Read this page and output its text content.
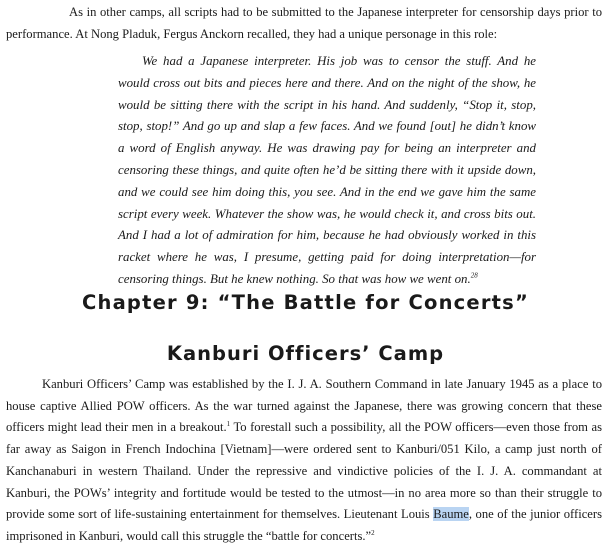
As in other camps, all scripts had to be submitted to the Japanese interpreter for censorship days prior to performance. At Nong Pladuk, Fergus Anckorn recalled, they had a unique personage in this role:

We had a Japanese interpreter. His job was to censor the stuff. And he would cross out bits and pieces here and there. And on the night of the show, he would be sitting there with the script in his hand. And suddenly, “Stop it, stop, stop, stop!” And go up and slap a few faces. And we found [out] he didn’t know a word of English anyway. He was drawing pay for being an interpreter and censoring these things, and quite often he’d be sitting there with it upside down, and we could see him doing this, you see. And in the end we gave him the same script every week. Whatever the show was, he would check it, and cross bits out. And I had a lot of admiration for him, because he had obviously worked in this racket where he was, I presume, getting paid for doing interpretation—for censoring things. But he knew nothing. So that was how we went on.$^{28}$

Chapter 9: “The Battle for Concerts”
Kanburi Officers’ Camp

Kanburi Officers’ Camp was established by the I. J. A. Southern Command in late January 1945 as a place to house captive Allied POW officers. As the war turned against the Japanese, there was growing concern that these officers might lead their men in a breakout.$^1$ To forestall such a possibility, all the POW officers—even those from as far away as Saigon in French Indochina [Vietnam]—were ordered sent to Kanburi/051 Kilo, a camp just north of Kanchanaburi in western Thailand. Under the repressive and vindictive policies of the I. J. A. commandant at Kanburi, the POWs’ integrity and fortitude would be tested to the utmost—in no area more so than their struggle to provide some sort of life-sustaining entertainment for themselves. Lieutenant Louis Baume, one of the junior officers imprisoned in Kanburi, would call this struggle the “battle for concerts.”$^2$
